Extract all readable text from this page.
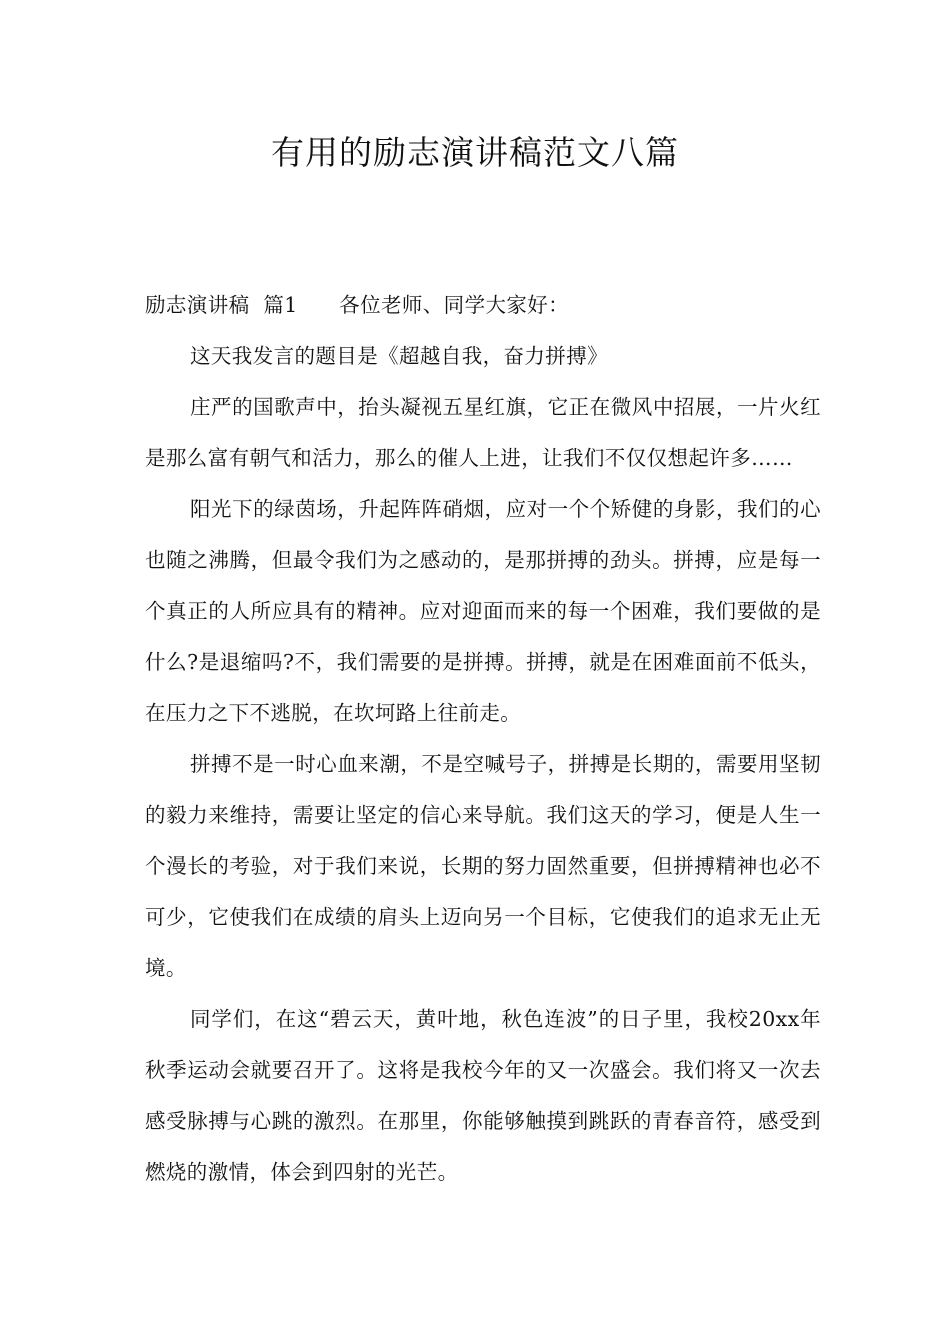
有用的励志演讲稿范文八篇

励志演讲稿  篇1      各位老师、同学大家好：

这天我发言的题目是《超越自我，奋力拼搏》

庄严的国歌声中，抬头凝视五星红旗，它正在微风中招展，一片火红是那么富有朝气和活力，那么的催人上进，让我们不仅仅想起许多……

阳光下的绿茵场，升起阵阵硝烟，应对一个个矫健的身影，我们的心也随之沸腾，但最令我们为之感动的，是那拼搏的劲头。拼搏，应是每一个真正的人所应具有的精神。应对迎面而来的每一个困难，我们要做的是什么?是退缩吗?不，我们需要的是拼搏。拼搏，就是在困难面前不低头，在压力之下不逃脱，在坎坷路上往前走。

拼搏不是一时心血来潮，不是空喊号子，拼搏是长期的，需要用坚韧的毅力来维持，需要让坚定的信心来导航。我们这天的学习，便是人生一个漫长的考验，对于我们来说，长期的努力固然重要，但拼搏精神也必不可少，它使我们在成绩的肩头上迈向另一个目标，它使我们的追求无止无境。

同学们，在这“碧云天，黄叶地，秋色连波”的日子里，我校20xx年秋季运动会就要召开了。这将是我校今年的又一次盛会。我们将又一次去感受脉搏与心跳的激烈。在那里，你能够触摸到跳跃的青春音符，感受到燃烧的激情，体会到四射的光芒。
